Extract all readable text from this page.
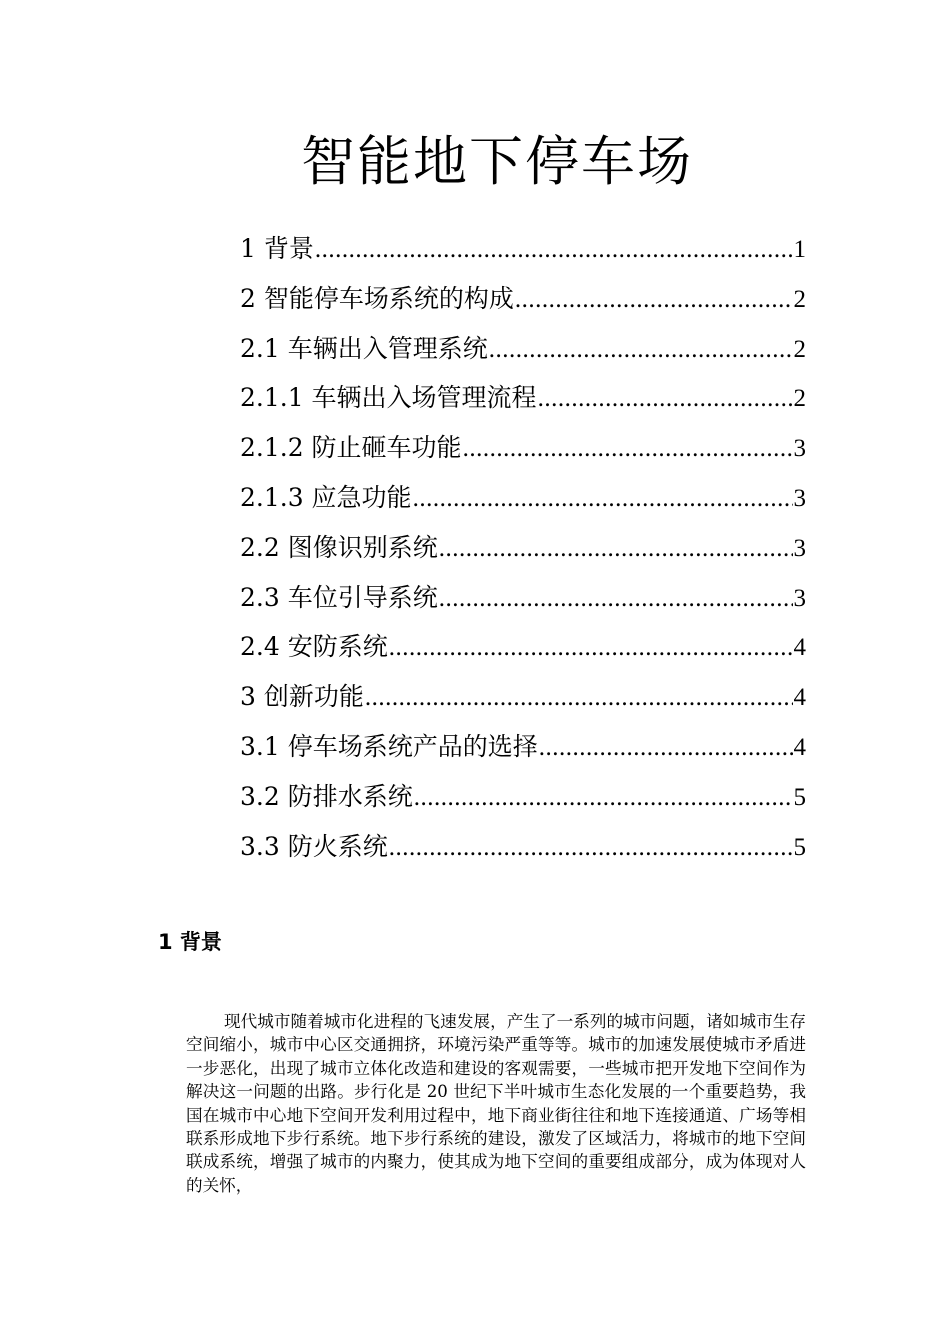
智能地下停车场
1 背景 .....	1
2 智能停车场系统的构成 .....	2
2.1 车辆出入管理系统 .....	2
2.1.1 车辆出入场管理流程 .....	2
2.1.2 防止砸车功能 .....	3
2.1.3 应急功能 .....	3
2.2 图像识别系统 .....	3
2.3 车位引导系统 .....	3
2.4 安防系统 .....	4
3 创新功能 .....	4
3.1 停车场系统产品的选择 .....	4
3.2 防排水系统 .....	5
3.3 防火系统 .....	5
1 背景

现代城市随着城市化进程的飞速发展，产生了一系列的城市问题，诸如城市生存空间缩小，城市中心区交通拥挤，环境污染严重等等。城市的加速发展使城市矛盾进一步恶化，出现了城市立体化改造和建设的客观需要，一些城市把开发地下空间作为解决这一问题的出路。步行化是 20 世纪下半叶城市生态化发展的一个重要趋势，我国在城市中心地下空间开发利用过程中，地下商业街往往和地下连接通道、广场等相联系形成地下步行系统。地下步行系统的建设，激发了区域活力，将城市的地下空间联成系统，增强了城市的内聚力，使其成为地下空间的重要组成部分，成为体现对人的关怀，
